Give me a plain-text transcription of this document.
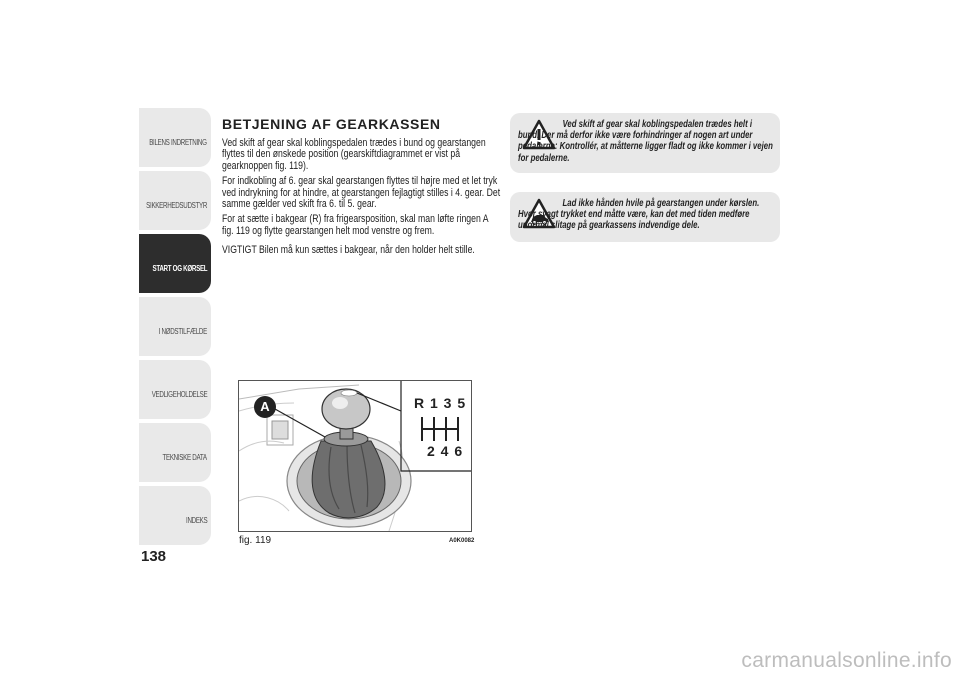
BILENS INDRETNING
SIKKERHEDSUDSTYR
START OG KØRSEL
I NØDSTILFÆLDE
VEDLIGEHOLDELSE
TEKNISKE DATA
INDEKS
138
BETJENING AF GEARKASSEN

Ved skift af gear skal koblingspedalen trædes i bund og gearstangen flyttes til den ønskede position (gearskiftdiagrammet er vist på gearknoppen fig. 119).

For indkobling af 6. gear skal gearstangen flyttes til højre med et let tryk ved indrykning for at hindre, at gearstangen fejlagtigt stilles i 4. gear. Det samme gælder ved skift fra 6. til 5. gear.

For at sætte i bakgear (R) fra frigearsposition, skal man løfte ringen A fig. 119 og flytte gearstangen helt mod venstre og frem.

VIGTIGT Bilen må kun sættes i bakgear, når den holder helt stille.

Ved skift af gear skal koblingspedalen trædes helt i bund. Der må derfor ikke være forhindringer af nogen art under pedalerne: Kontrollér, at måtterne ligger fladt og ikke kommer i vejen for pedalerne.
Lad ikke hånden hvile på gearstangen under kørslen. Hvor svagt trykket end måtte være, kan det med tiden medføre unormal slitage på gearkassens indvendige dele.
A	R 1 3 5
2 4 6
fig. 119	A0K0082
carmanualsonline.info
